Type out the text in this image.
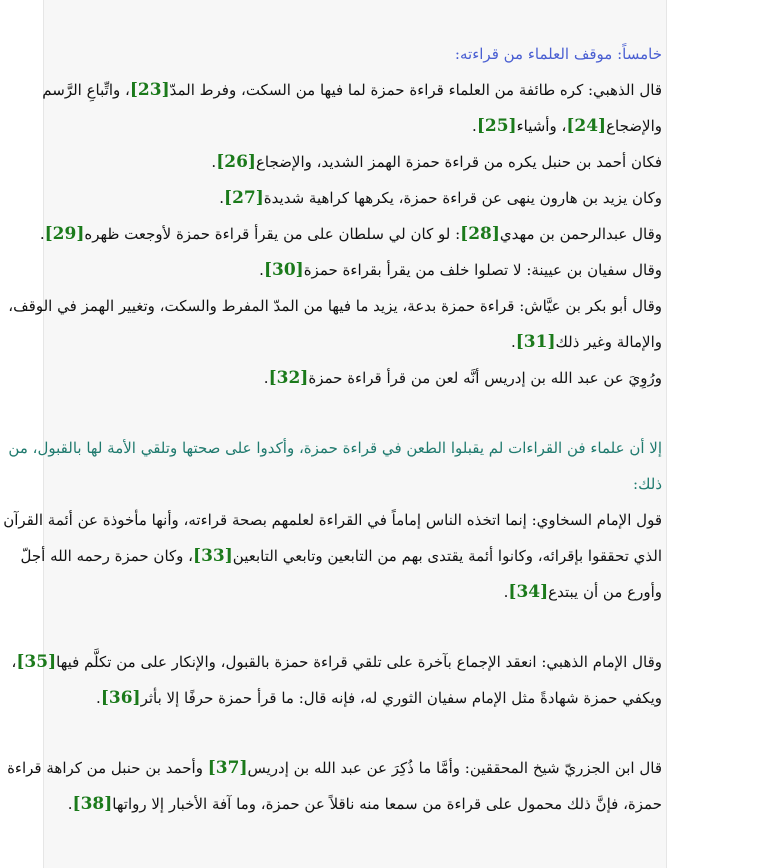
خامساً: موقف العلماء من قراءته:
قال الذهبي: كره طائفة من العلماء قراءة حمزة لما فيها من السكت، وفرط المدّ[23]، واتِّباعِ الرَّسم
والإضجاع[24]، وأشياء[25].
فكان أحمد بن حنبل يكره من قراءة حمزة الهمز الشديد، والإضجاع[26].
وكان يزيد بن هارون ينهى عن قراءة حمزة، يكرهها كراهية شديدة[27].
وقال عبدالرحمن بن مهدي[28]: لو كان لي سلطان على من يقرأ قراءة حمزة لأوجعت ظهره[29].
وقال سفيان بن عيينة: لا تصلوا خلف من يقرأ بقراءة حمزة[30].
وقال أبو بكر بن عيَّاش: قراءة حمزة بدعة، يزيد ما فيها من المدّ المفرط والسكت، وتغيير الهمز في الوقف،
والإمالة وغير ذلك[31].
ورُوِيَ عن عبد الله بن إدريس أنَّه لعن من قرأ قراءة حمزة[32].
إلا أن علماء فن القراءات لم يقبلوا الطعن في قراءة حمزة، وأكدوا على صحتها وتلقي الأمة لها بالقبول، من
ذلك:
قول الإمام السخاوي: إنما اتخذه الناس إماماً في القراءة لعلمهم بصحة قراءته، وأنها مأخوذة عن أئمة القرآن
الذي تحققوا بإقرائه، وكانوا أئمة يقتدى بهم من التابعين وتابعي التابعين[33]، وكان حمزة رحمه الله أجلّ
وأورع من أن يبتدع[34].
وقال الإمام الذهبي: انعقد الإجماع بآخرة على تلقي قراءة حمزة بالقبول، والإنكار على من تكلَّم فيها[35]،
ويكفي حمزة شهادةً مثل الإمام سفيان الثوري له، فإنه قال: ما قرأ حمزة حرفًا إلا بأثر[36].
قال ابن الجزريّ شيخ المحققين: وأمَّا ما ذُكِرَ عن عبد الله بن إدريس[37] وأحمد بن حنبل من كراهة قراءة
حمزة، فإنَّ ذلك محمول على قراءة من سمعا منه ناقلاً عن حمزة، وما آفة الأخبار إلا رواتها[38].
